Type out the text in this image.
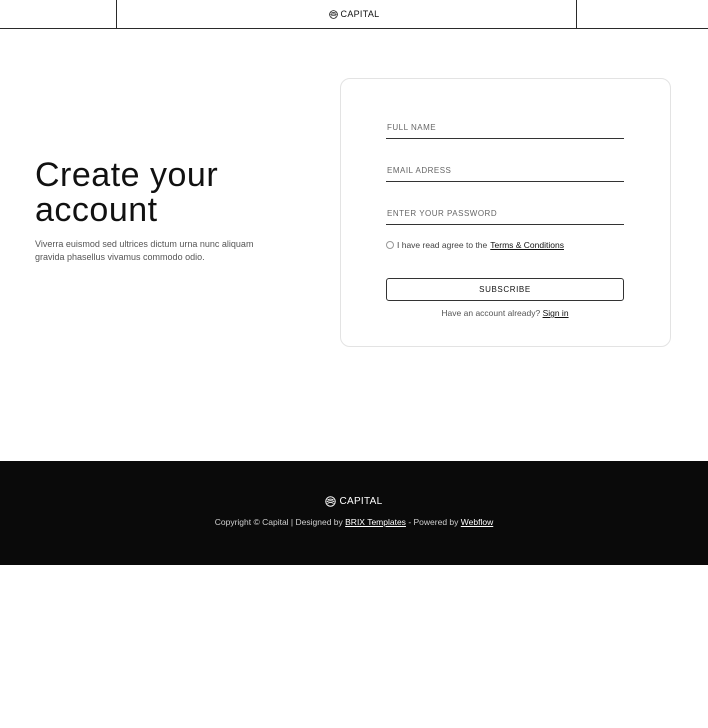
CAPITAL
Create your account

Viverra euismod sed ultrices dictum urna nunc aliquam gravida phasellus vivamus commodo odio.

FULL NAME
EMAIL ADRESS
ENTER YOUR PASSWORD
I have read agree to the Terms & Conditions
SUBSCRIBE
Have an account already? Sign in
CAPITAL
Copyright © Capital | Designed by BRIX Templates - Powered by Webflow
